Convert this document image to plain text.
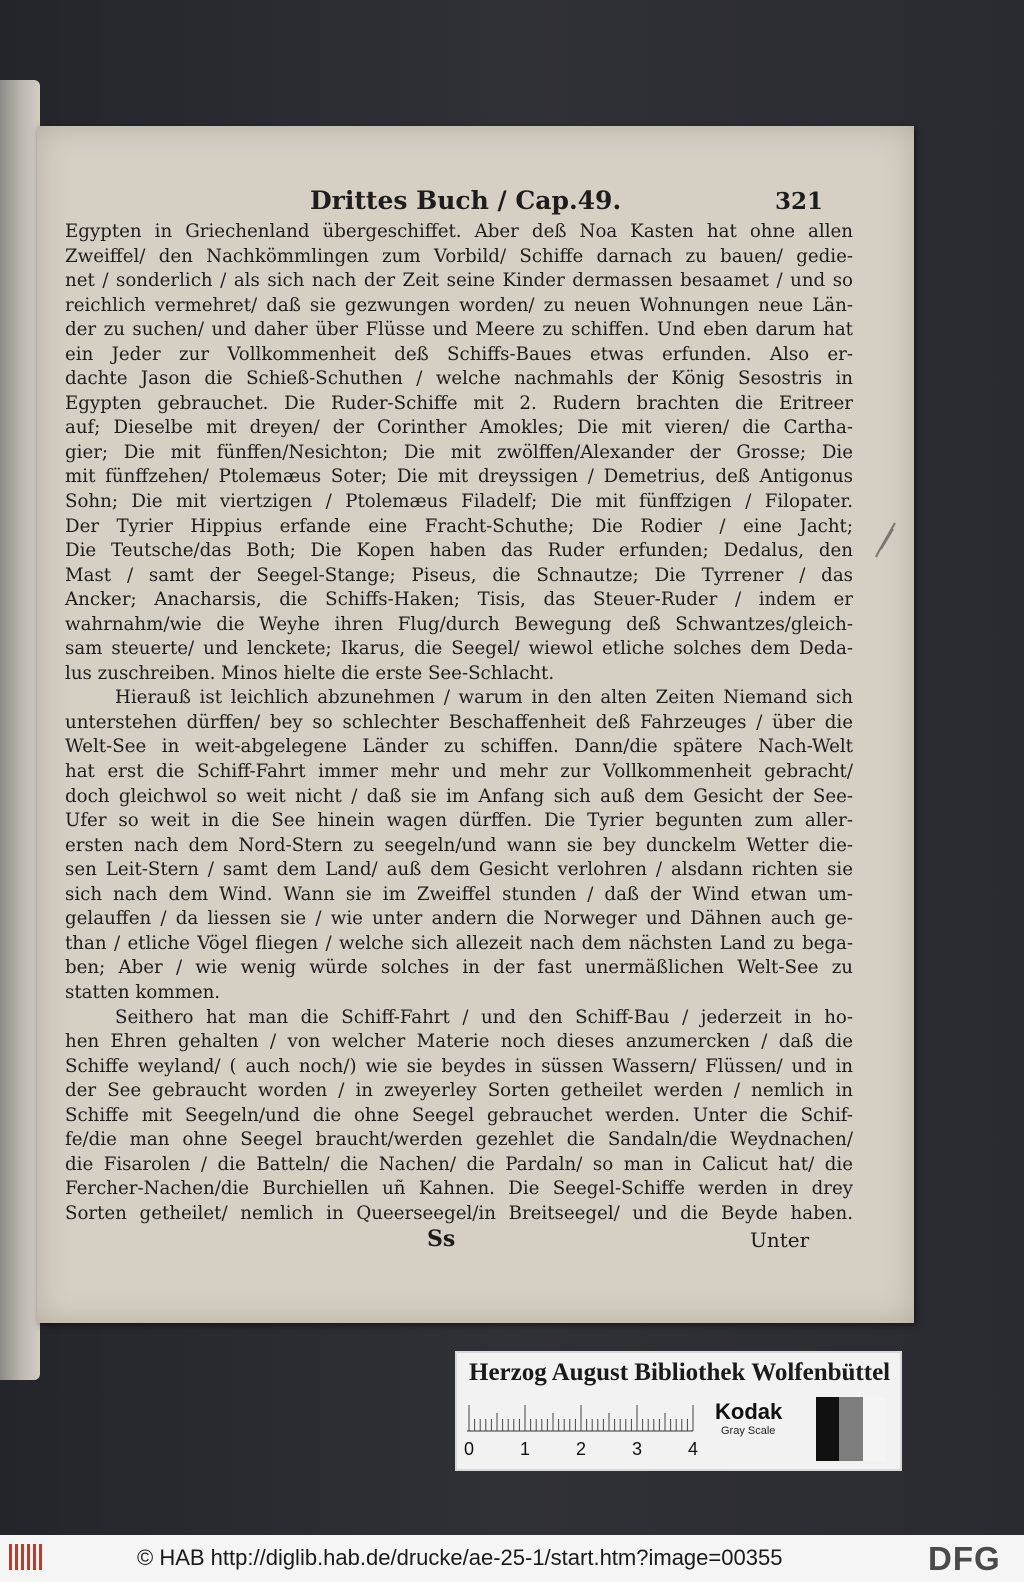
Drittes Buch / Cap.49.	321
Egypten in Griechenland übergeschiffet. Aber deß Noa Kasten hat ohne allen
Zweiffel/ den Nachkömmlingen zum Vorbild/ Schiffe darnach zu bauen/ gedie-
net / sonderlich / als sich nach der Zeit seine Kinder dermassen besaamet / und so
reichlich vermehret/ daß sie gezwungen worden/ zu neuen Wohnungen neue Län-
der zu suchen/ und daher über Flüsse und Meere zu schiffen. Und eben darum hat
ein Jeder zur Vollkommenheit deß Schiffs-Baues etwas erfunden. Also er-
dachte Jason die Schieß-Schuthen / welche nachmahls der König Sesostris in
Egypten gebrauchet. Die Ruder-Schiffe mit 2. Rudern brachten die Eritreer
auf; Dieselbe mit dreyen/ der Corinther Amokles; Die mit vieren/ die Cartha-
gier; Die mit fünffen/Nesichton; Die mit zwölffen/Alexander der Grosse; Die
mit fünffzehen/ Ptolemæus Soter; Die mit dreyssigen / Demetrius, deß Antigonus
Sohn; Die mit viertzigen / Ptolemæus Filadelf; Die mit fünffzigen / Filopater.
Der Tyrier Hippius erfande eine Fracht-Schuthe; Die Rodier / eine Jacht;
Die Teutsche/das Both; Die Kopen haben das Ruder erfunden; Dedalus, den
Mast / samt der Seegel-Stange; Piseus, die Schnautze; Die Tyrrener / das
Ancker; Anacharsis, die Schiffs-Haken; Tisis, das Steuer-Ruder / indem er
wahrnahm/wie die Weyhe ihren Flug/durch Bewegung deß Schwantzes/gleich-
sam steuerte/ und lenckete; Ikarus, die Seegel/ wiewol etliche solches dem Deda-
lus zuschreiben. Minos hielte die erste See-Schlacht.
Hierauß ist leichlich abzunehmen / warum in den alten Zeiten Niemand sich
unterstehen dürffen/ bey so schlechter Beschaffenheit deß Fahrzeuges / über die
Welt-See in weit-abgelegene Länder zu schiffen. Dann/die spätere Nach-Welt
hat erst die Schiff-Fahrt immer mehr und mehr zur Vollkommenheit gebracht/
doch gleichwol so weit nicht / daß sie im Anfang sich auß dem Gesicht der See-
Ufer so weit in die See hinein wagen dürffen. Die Tyrier begunten zum aller-
ersten nach dem Nord-Stern zu seegeln/und wann sie bey dunckelm Wetter die-
sen Leit-Stern / samt dem Land/ auß dem Gesicht verlohren / alsdann richten sie
sich nach dem Wind. Wann sie im Zweiffel stunden / daß der Wind etwan um-
gelauffen / da liessen sie / wie unter andern die Norweger und Dähnen auch ge-
than / etliche Vögel fliegen / welche sich allezeit nach dem nächsten Land zu bega-
ben; Aber / wie wenig würde solches in der fast unermäßlichen Welt-See zu
statten kommen.
Seithero hat man die Schiff-Fahrt / und den Schiff-Bau / jederzeit in ho-
hen Ehren gehalten / von welcher Materie noch dieses anzumercken / daß die
Schiffe weyland/ ( auch noch/) wie sie beydes in süssen Wassern/ Flüssen/ und in
der See gebraucht worden / in zweyerley Sorten getheilet werden / nemlich in
Schiffe mit Seegeln/und die ohne Seegel gebrauchet werden. Unter die Schif-
fe/die man ohne Seegel braucht/werden gezehlet die Sandaln/die Weydnachen/
die Fisarolen / die Batteln/ die Nachen/ die Pardaln/ so man in Calicut hat/ die
Fercher-Nachen/die Burchiellen uñ Kahnen. Die Seegel-Schiffe werden in drey
Sorten getheilet/ nemlich in Queerseegel/in Breitseegel/ und die Beyde haben.
Ss	Unter
Herzog August Bibliothek Wolfenbüttel
0	1	2	3	4
Kodak
Gray Scale
© HAB http://diglib.hab.de/drucke/ae-25-1/start.htm?image=00355	DFG
